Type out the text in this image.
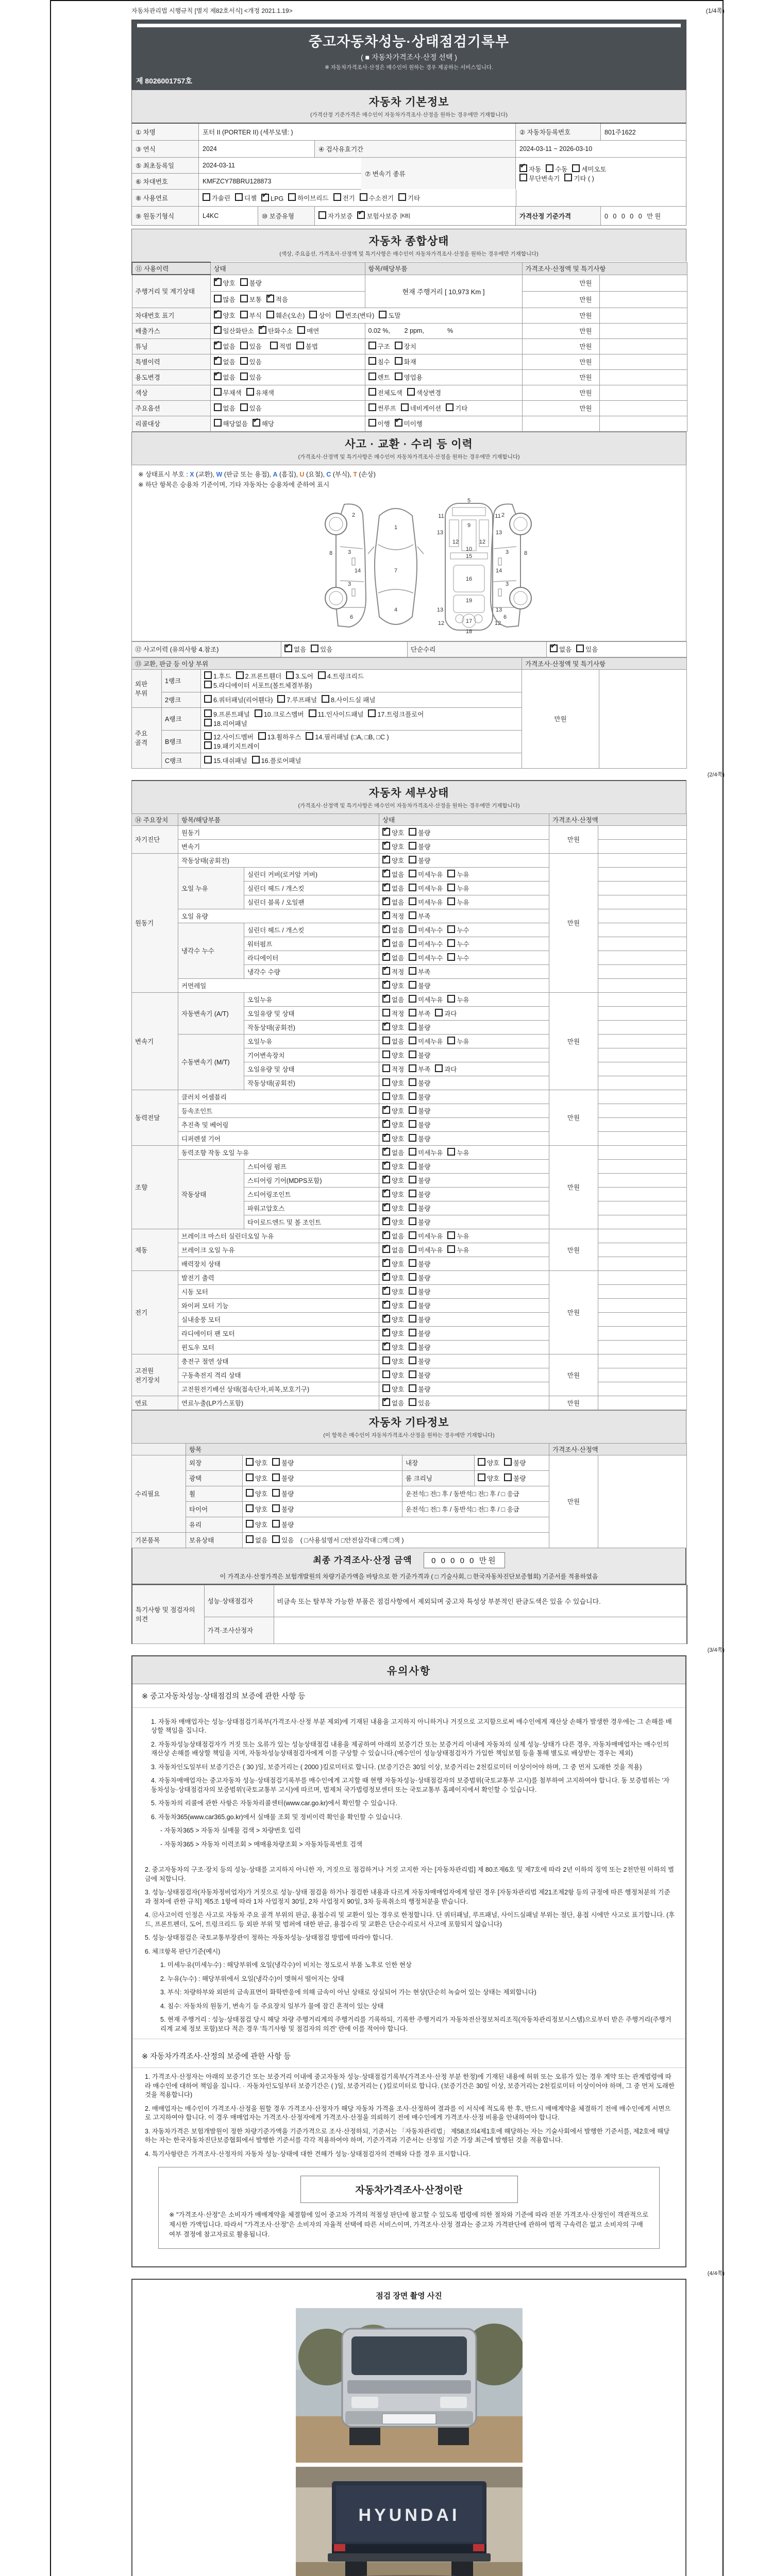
자동차관리법 시행규칙 [별지 제82호서식] <개정 2021.1.19>	(1/4쪽)
중고자동차성능·상태점검기록부
( ■ 자동차가격조사·산정 선택 )
※ 자동차가격조사·산정은 매수인이 원하는 경우 제공하는 서비스입니다.
제 8026001757호
자동차 기본정보
(가격산정 기준가격은 매수인이 자동차가격조사·산정을 원하는 경우에만 기재합니다)
① 차명	포터 II (PORTER II) (세부모델: )	② 자동차등록번호	801주1622
③ 연식	2024	④ 검사유효기간	2024-03-11 ~ 2026-03-10
⑤ 최초등록일	2024-03-11
⑥ 차대번호	KMFZCY78BRU128873
⑦ 변속기 종류
✔자동 수동 세미오토
무단변속기 기타 ( )
⑧ 사용연료	가솔린	디젤 ✔	LPG	하이브리드	전기	수소전기	기타
⑨ 원동기형식	L4KC	⑩ 보증유형	자가보증 ✔	보험사보증 [KB]	가격산정 기준가격	0 0 0 0 0 만원
자동차 종합상태
(색상, 주요옵션, 가격조사·산정액 및 특기사항은 매수인이 자동차가격조사·산정을 원하는 경우에만 기재합니다)
⑪ 사용이력	상태	항목/해당부품	가격조사·산정액 및 특기사항	
주행거리 및 계기상태	✔양호 불량	현재 주행거리 [ 10,973 Km ]	만원	
	많음 보통 ✔ 적음		만원	
차대번호 표기	✔양호 부식 훼손(오손) 상이 변조(변타) 도말		만원	
배출가스	✔일산화탄소 ✔ 탄화수소 매연	0.02 %,        2 ppm,             %	만원	
튜닝	✔없음 있음 적법 불법	구조 장치	만원	
특별이력	✔없음 있음	침수 화재	만원	
용도변경	✔없음 있음	렌트 영업용	만원	
색상	무채색 유채색	전체도색 색상변경	만원	
주요옵션	없음 있음	썬루프 네비게이션 기타	만원	
리콜대상	해당없음 ✔ 해당	이행 ✔ 미이행		
사고 · 교환 · 수리 등 이력
(가격조사·산정액 및 특기사항은 매수인이 자동차가격조사·산정을 원하는 경우에만 기재합니다)
※ 상태표시 부호 : X (교환), W (판금 또는 용접), A (흠집), U (요철), C (부식), T (손상)
※ 하단 항목은 승용차 기준이며, 기타 자동차는 승용차에 준하여 표시
2
8	3
14
3
6
1
7
4
5
11	11
9
13	13
12	12
10
15
16
19
13	13
12	12
17
18
2
8
3
14
3
6
⑫ 사고이력 (유의사항 4.참조)	✔없음 있음	단순수리	✔없음 있음
⑬ 교환, 판금 등 이상 부위			가격조사·산정액 및 특기사항	
외판 부위	1랭크	1.후드 2.프론트휀더 3.도어 4.트렁크리드
5.라디에이터 서포트(볼트체결부품)	만원	
	2랭크	6.쿼터패널(리어휀다) 7.루프패널 8.사이드실 패널		
주요 골격	A랭크	9.프론트패널 10.크로스멤버 11.인사이드패널 17.트렁크플로어
18.리어패널		
	B랭크	12.사이드멤버 13.휠하우스 14.필러패널 (□A, □B, □C )
19.패키지트레이		
	C랭크	15.대쉬패널 16.플로어패널		
(2/4쪽)
자동차 세부상태
(가격조사·산정액 및 특기사항은 매수인이 자동차가격조사·산정을 원하는 경우에만 기재합니다)
⑭ 주요장치	항목/해당부품		상태	가격조사·산정액	
자기진단	원동기	✔양호 불량	만원	
	변속기	✔양호 불량	
원동기	작동상태(공회전)	✔양호 불량	만원	
	오일 누유	실린더 커버(로커암 커버)	✔없음 미세누유 누유	
		실린더 헤드 / 개스킷	✔없음 미세누유 누유	
		실린더 블록 / 오일팬	✔없음 미세누유 누유	
	오일 유량	✔적정 부족	
	냉각수 누수	실린더 헤드 / 개스킷	✔없음 미세누수 누수	
		워터펌프	✔없음 미세누수 누수	
		라디에이터	✔없음 미세누수 누수	
		냉각수 수량	✔적정 부족	
	커먼레일	✔양호 불량	
변속기	자동변속기 (A/T)	오일누유	✔없음 미세누유 누유	만원	
		오일유량 및 상태	적정 부족 과다		
		작동상태(공회전)	✔양호 불량	
	수동변속기 (M/T)	오일누유	없음 미세누유 누유		
		기어변속장치	양호 불량		
		오일유량 및 상태	적정 부족 과다		
		작동상태(공회전)	양호 불량		
동력전달	클러치 어셈블리		양호 불량	만원	
	등속조인트	✔양호 불량	
	추진축 및 베어링	✔양호 불량	
	디퍼렌셜 기어	✔양호 불량	
조향	동력조향 작동 오일 누유	✔없음 미세누유 누유	만원	
	작동상태	스티어링 펌프	✔양호 불량	
		스티어링 기어(MDPS포함)	✔양호 불량	
		스티어링조인트	✔양호 불량	
		파워고압호스	✔양호 불량	
		타이로드엔드 및 볼 조인트	✔양호 불량	
제동	브레이크 마스터 실린더오일 누유	✔없음 미세누유 누유	만원	
	브레이크 오일 누유	✔없음 미세누유 누유	
	배력장치 상태	✔양호 불량	
전기	발전기 출력	✔양호 불량	만원	
	시동 모터	✔양호 불량	
	와이퍼 모터 기능	✔양호 불량	
	실내송풍 모터	✔양호 불량	
	라디에이터 팬 모터	✔양호 불량	
	윈도우 모터	✔양호 불량	
고전원 전기장치	충전구 절연 상태		양호 불량	만원	
	구동축전지 격리 상태		양호 불량		
	고전원전기배선 상태(접속단자,피복,보호기구)		양호 불량		
연료	연료누출(LP가스포함)	✔없음 있음	만원	
자동차 기타정보
(이 항목은 매수인이 자동차가격조사·산정을 원하는 경우에만 기재합니다)
	항목				가격조사·산정액	
수리필요	외장	양호 불량	내장	양호 불량	만원	
	광택	양호 불량	룸 크리닝	양호 불량		
	휠	양호 불량	운전석□ 전□ 후 / 동반석□ 전□ 후 / □ 응급			
	타이어	양호 불량	운전석□ 전□ 후 / 동반석□ 전□ 후 / □ 응급			
	유리	양호 불량				
기본품목	보유상태	없음 있음 ( □사용설명서 □안전삼각대 □잭 □잭 )				
최종 가격조사·산정 금액 0 0 0 0 0 만원
이 가격조사·산정가격은 보험개발원의 차량기준가액을 바탕으로 한 기준가격과 ( □ 기술사회, □ 한국자동차진단보증협회) 기준서를 적용하였음
특기사항 및 점검자의 의견	성능·상태점검자	비금속 또는 탈부착 가능한 부품은 점검사항에서 제외되며 중고차 특성상 부분적인 판금도색은 있을 수 있습니다.
	가격·조사산정자	
(3/4쪽)
유의사항
※ 중고자동차성능·상태점검의 보증에 관한 사항 등
1. 자동차 매매업자는 성능·상태점검기록부(가격조사·산정 부분 제외)에 기재된 내용을 고지하지 아니하거나 거짓으로 고지함으로써 매수인에게 재산상 손해가 발생한 경우에는 그 손해를 배상할 책임을 집니다.
2. 자동차성능상태점검자가 거짓 또는 오류가 있는 성능상태점검 내용을 제공하여 아래의 보증기간 또는 보증거리 이내에 자동차의 실제 성능·상태가 다른 경우, 자동차매매업자는 매수인의 재산상 손해를 배상할 책임을 지며, 자동차성능상태점검자에게 이를 구상할 수 있습니다.(매수인이 성능상태점검자가 가입한 책임보험 등을 통해 별도로 배상받는 경우는 제외)
3. 자동차인도일부터 보증기간은 ( 30 )일, 보증거리는 ( 2000 )킬로미터로 합니다. (보증기간은 30일 이상, 보증거리는 2천킬로미터 이상이어야 하며, 그 중 먼저 도래한 것을 적용)
4. 자동차매매업자는 중고자동차 성능·상태점검기록부를 매수인에게 고지할 때 현행 자동차성능·상태점검자의 보증범위(국토교통부 고시)를 첨부하여 고지하여야 합니다. 동 보증범위는 '자동차성능·상태점검자의 보증범위'(국토교통부 고시)에 따르며, 법제처 국가법령정보센터 또는 국토교통부 홈페이지에서 확인할 수 있습니다.
5. 자동차의 리콜에 관한 사항은 자동차리콜센터(www.car.go.kr)에서 확인할 수 있습니다.
6. 자동차365(www.car365.go.kr)에서 실매물 조회 및 정비이력 확인을 확인할 수 있습니다.
- 자동차365 > 자동차 실매물 검색 > 차량번호 입력
- 자동차365 > 자동차 이력조회 > 매매용차량조회 > 자동차등록번호 검색
2. 중고자동차의 구조·장치 등의 성능·상태를 고지하지 아니한 자, 거짓으로 점검하거나 거짓 고지한 자는 [자동차관리법] 제 80조제6호 및 제7호에 따라 2년 이하의 징역 또는 2천만원 이하의 벌금에 처합니다.
3. 성능·상태점검자(자동차정비업자)가 거짓으로 성능·상태 점검을 하거나 점검한 내용과 다르게 자동차매매업자에게 알린 경우 [자동차관리법 제21조제2항 등의 규정에 따른 행정처분의 기준과 절차에 관한 규칙] 제5조 1항에 따라 1차 사업정지 30일, 2차 사업정지 90일, 3차 등록취소의 행정처분을 받습니다.
4. ⑫사고이력 인정은 사고로 자동차 주요 골격 부위의 판금, 용접수리 및 교환이 있는 경우로 한정합니다. 단 쿼터패널, 루프패널, 사이드실패널 부위는 절단, 용접 시에만 사고로 표기합니다. (후드, 프론트펜더, 도어, 트렁크리드 등 외판 부위 및 범퍼에 대한 판금, 용접수리 및 교환은 단순수리로서 사고에 포함되지 않습니다)
5. 성능·상태점검은 국토교통부장관이 정하는 자동차성능·상태점검 방법에 따라야 합니다.
6. 체크항목 판단기준(예시)
1. 미세누유(미세누수) : 해당부위에 오일(냉각수)이 비치는 정도로서 부품 노후로 인한 현상
2. 누유(누수) : 해당부위에서 오일(냉각수)이 맺혀서 떨어지는 상태
3. 부식: 차량하부와 외판의 금속표면이 화학반응에 의해 금속이 아닌 상태로 상실되어 가는 현상(단순히 녹슬어 있는 상태는 제외합니다)
4. 침수: 자동차의 원동기, 변속기 등 주요장치 일부가 물에 잠긴 흔적이 있는 상태
5. 현재 주행거리 : 성능·상태점검 당시 해당 차량 주행거리계의 주행거리를 기록하되, 기록한 주행거리가 자동차전산정보처리조직(자동차관리정보시스템)으로부터 받은 주행거리(주행거리계 교체 정보 포함)보다 적은 경우 '특기사항 및 점검자의 의견' 란에 이를 적어야 합니다.
※ 자동차가격조사·산정의 보증에 관한 사항 등
1. 가격조사·산정자는 아래의 보증기간 또는 보증거리 이내에 중고자동차 성능·상태점검기록부(가격조사·산정 부분 한정)에 기재된 내용에 허위 또는 오류가 있는 경우 계약 또는 관계법령에 따라 매수인에 대하여 책임을 집니다. · 자동차인도일부터 보증기간은 ( )일, 보증거리는 ( )킬로미터로 합니다. (보증기간은 30일 이상, 보증거리는 2천킬로미터 이상이어야 하며, 그 중 먼저 도래한 것을 적용합니다)
2. 매매업자는 매수인이 가격조사·산정을 원할 경우 가격조사·산정자가 해당 자동차 가격을 조사·산정하여 결과를 이 서식에 적도록 한 후, 반드시 매매계약을 체결하기 전에 매수인에게 서면으로 고지하여야 합니다. 이 경우 매매업자는 가격조사·산정자에게 가격조사·산정을 의뢰하기 전에 매수인에게 가격조사·산정 비용을 안내하여야 합니다.
3. 자동차가격은 보험개발원이 정한 차량기준가액을 기준가격으로 조사·산정하되, 기준서는 「자동차관리법」 제58조의4제1호에 해당하는 자는 기술사회에서 발행한 기준서를, 제2호에 해당하는 자는 한국자동차진단보증협회에서 발행한 기준서를 각각 적용하여야 하며, 기준가격과 기준서는 산정일 기준 가장 최근에 발행된 것을 적용합니다.
4. 특기사항란은 가격조사·산정자의 자동차 성능·상태에 대한 견해가 성능·상태점검자의 견해와 다를 경우 표시합니다.
자동차가격조사·산정이란
※ "가격조사·산정"은 소비자가 매매계약을 체결함에 있어 중고차 가격의 적절성 판단에 참고할 수 있도록 법령에 의한 절차와 기준에 따라 전문 가격조사·산정인이 객관적으로 제시한 가액입니다. 따라서 "가격조사·산정"은 소비자의 자율적 선택에 따른 서비스이며, 가격조사·산정 결과는 중고차 가격판단에 관하여 법적 구속력은 없고 소비자의 구매여부 결정에 참고자료로 활용됩니다.
(4/4쪽)
점검 장면 촬영 사진
HYUNDAI
